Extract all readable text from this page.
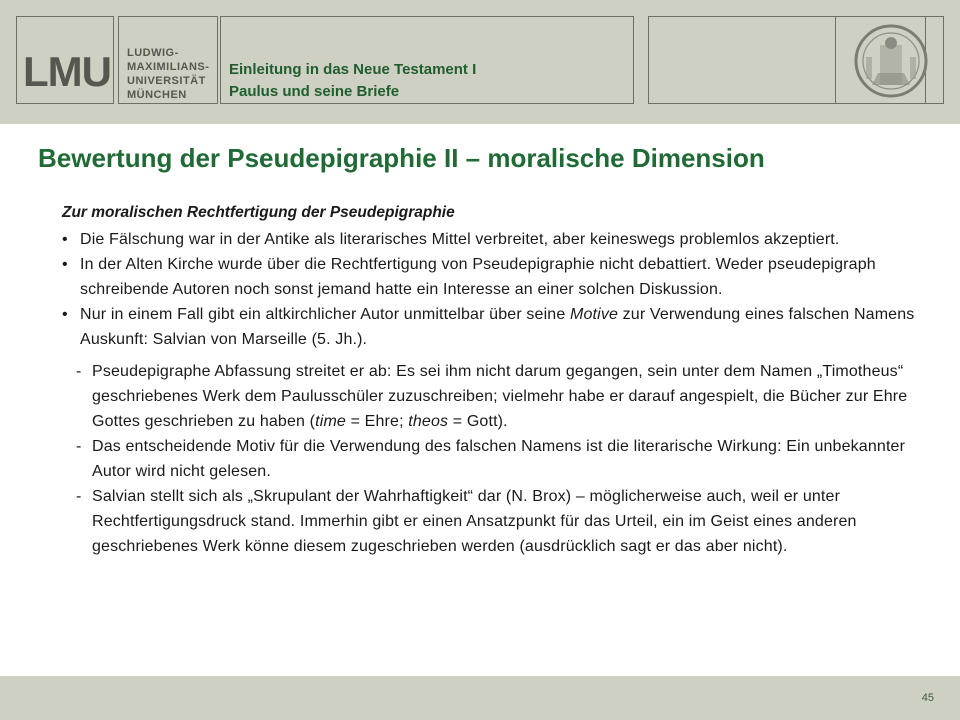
LMU LUDWIG-
MAXIMILIANS-
UNIVERSITÄT
MÜNCHEN
Einleitung in das Neue Testament I
Paulus und seine Briefe
Bewertung der Pseudepigraphie II – moralische Dimension

Zur moralischen Rechtfertigung der Pseudepigraphie

• Die Fälschung war in der Antike als literarisches Mittel verbreitet, aber keineswegs problemlos akzeptiert.

• In der Alten Kirche wurde über die Rechtfertigung von Pseudepigraphie nicht debattiert. Weder pseudepigraph schreibende Autoren noch sonst jemand hatte ein Interesse an einer solchen Diskussion.

• Nur in einem Fall gibt ein altkirchlicher Autor unmittelbar über seine Motive zur Verwendung eines falschen Namens Auskunft: Salvian von Marseille (5. Jh.).

- Pseudepigraphe Abfassung streitet er ab: Es sei ihm nicht darum gegangen, sein unter dem Namen „Timotheus“ geschriebenes Werk dem Paulusschüler zuzuschreiben; vielmehr habe er darauf angespielt, die Bücher zur Ehre Gottes geschrieben zu haben (time = Ehre; theos = Gott).

- Das entscheidende Motiv für die Verwendung des falschen Namens ist die literarische Wirkung: Ein unbekannter Autor wird nicht gelesen.

- Salvian stellt sich als „Skrupulant der Wahrhaftigkeit“ dar (N. Brox) – möglicherweise auch, weil er unter Rechtfertigungsdruck stand. Immerhin gibt er einen Ansatzpunkt für das Urteil, ein im Geist eines anderen geschriebenes Werk könne diesem zugeschrieben werden (ausdrücklich sagt er das aber nicht).

45
